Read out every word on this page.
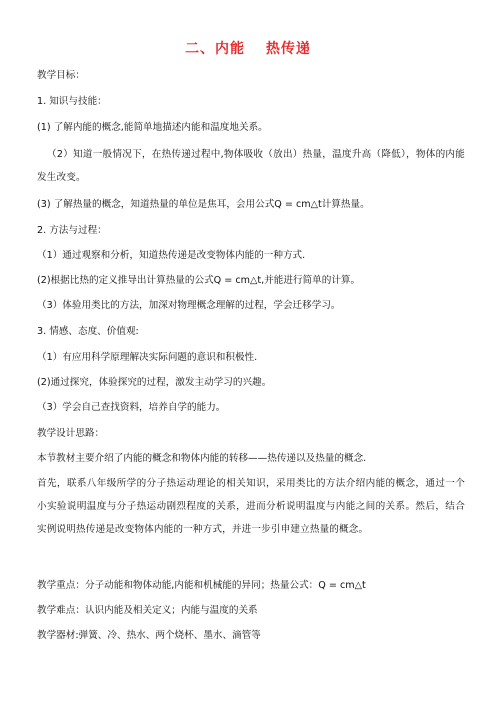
二、内能　 热传递
教学目标：
1. 知识与技能：
(1) 了解内能的概念,能简单地描述内能和温度地关系。
（2）知道一般情况下，在热传递过程中,物体吸收（放出）热量，温度升高（降低），物体的内能发生改变。
(3) 了解热量的概念，知道热量的单位是焦耳，会用公式Q = cm△t计算热量。
2. 方法与过程：
（1）通过观察和分析，知道热传递是改变物体内能的一种方式.
(2)根据比热的定义推导出计算热量的公式Q = cm△t,并能进行简单的计算。
（3）体验用类比的方法，加深对物理概念理解的过程，学会迁移学习。
3. 情感、态度、价值观:
（1）有应用科学原理解决实际问题的意识和积极性.
(2)通过探究，体验探究的过程，激发主动学习的兴趣。
（3）学会自己查找资料，培养自学的能力。
教学设计思路：
本节教材主要介绍了内能的概念和物体内能的转移——热传递以及热量的概念.
首先，联系八年级所学的分子热运动理论的相关知识，采用类比的方法介绍内能的概念，通过一个小实验说明温度与分子热运动剧烈程度的关系，进而分析说明温度与内能之间的关系。然后，结合实例说明热传递是改变物体内能的一种方式，并进一步引申建立热量的概念。
教学重点：分子动能和物体动能,内能和机械能的异同；热量公式：Q = cm△t
教学难点：认识内能及相关定义；内能与温度的关系
教学器材:弹簧、冷、热水、两个烧杯、墨水、滴管等
